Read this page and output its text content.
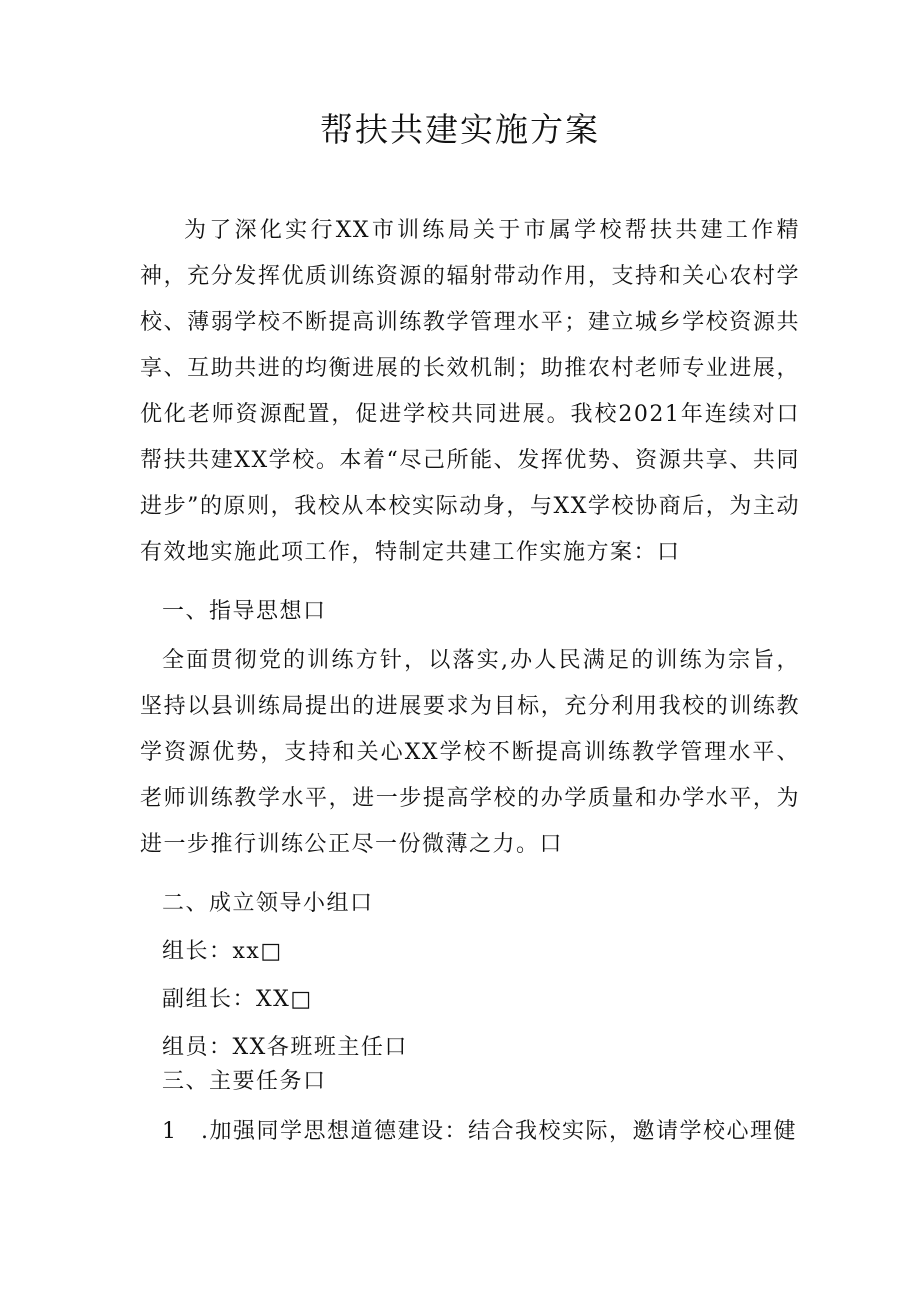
帮扶共建实施方案
为了深化实行XX市训练局关于市属学校帮扶共建工作精神，充分发挥优质训练资源的辐射带动作用，支持和关心农村学校、薄弱学校不断提高训练教学管理水平；建立城乡学校资源共享、互助共进的均衡进展的长效机制；助推农村老师专业进展，优化老师资源配置，促进学校共同进展。我校2021年连续对口帮扶共建XX学校。本着“尽己所能、发挥优势、资源共享、共同进步”的原则，我校从本校实际动身，与XX学校协商后，为主动有效地实施此项工作，特制定共建工作实施方案：口
一、指导思想口
全面贯彻党的训练方针，以落实,办人民满足的训练为宗旨，坚持以县训练局提出的进展要求为目标，充分利用我校的训练教学资源优势，支持和关心XX学校不断提高训练教学管理水平、老师训练教学水平，进一步提高学校的办学质量和办学水平，为进一步推行训练公正尽一份微薄之力。口
二、成立领导小组口
组长：xx□
副组长：XX□
组员：XX各班班主任口
三、主要任务口
1　.加强同学思想道德建设：结合我校实际，邀请学校心理健
